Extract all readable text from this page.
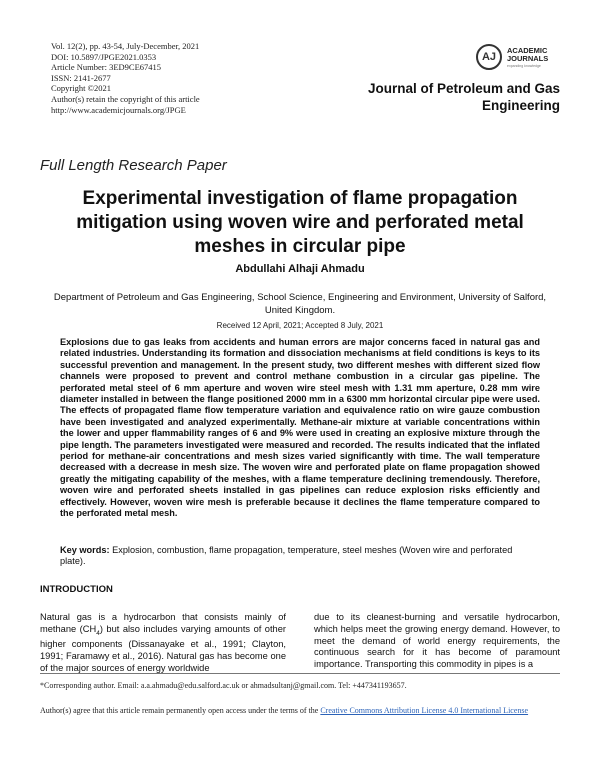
Vol. 12(2), pp. 43-54, July-December, 2021
DOI: 10.5897/JPGE2021.0353
Article Number: 3ED9CE67415
ISSN: 2141-2677
Copyright ©2021
Author(s) retain the copyright of this article
http://www.academicjournals.org/JPGE
AJ
ACADEMIC
JOURNALS
expanding knowledge
Journal of Petroleum and Gas
Engineering
Full Length Research Paper
Experimental investigation of flame propagation
mitigation using woven wire and perforated metal
meshes in circular pipe
Abdullahi Alhaji Ahmadu
Department of Petroleum and Gas Engineering, School Science, Engineering and Environment, University of Salford, United Kingdom.
Received 12 April, 2021; Accepted 8 July, 2021
Explosions due to gas leaks from accidents and human errors are major concerns faced in natural gas and related industries. Understanding its formation and dissociation mechanisms at field conditions is keys to its successful prevention and management. In the present study, two different meshes with different sized flow channels were proposed to prevent and control methane combustion in a circular gas pipeline. The perforated metal steel of 6 mm aperture and woven wire steel mesh with 1.31 mm aperture, 0.28 mm wire diameter installed in between the flange positioned 2000 mm in a 6300 mm horizontal circular pipe were used. The effects of propagated flame flow temperature variation and equivalence ratio on wire gauze combustion have been investigated and analyzed experimentally. Methane-air mixture at variable concentrations within the lower and upper flammability ranges of 6 and 9% were used in creating an explosive mixture through the pipe length. The parameters investigated were measured and recorded. The results indicated that the inflated period for methane-air concentrations and mesh sizes varied significantly with time. The wall temperature decreased with a decrease in mesh size. The woven wire and perforated plate on flame propagation showed greatly the mitigating capability of the meshes, with a flame temperature declining tremendously. Therefore, woven wire and perforated sheets installed in gas pipelines can reduce explosion risks efficiently and effectively. However, woven wire mesh is preferable because it declines the flame temperature compared to the perforated metal mesh.
Key words: Explosion, combustion, flame propagation, temperature, steel meshes (Woven wire and perforated plate).
INTRODUCTION
Natural gas is a hydrocarbon that consists mainly of methane $(CH_4)$ but also includes varying amounts of other higher components (Dissanayake et al., 1991; Clayton, 1991; Faramawy et al., 2016). Natural gas has become one of the major sources of energy worldwide
due to its cleanest-burning and versatile hydrocarbon, which helps meet the growing energy demand. However, to meet the demand of world energy requirements, the continuous search for it has become of paramount importance. Transporting this commodity in pipes is a
*Corresponding author. Email: a.a.ahmadu@edu.salford.ac.uk or ahmadsultanj@gmail.com. Tel: +447341193657.
Author(s) agree that this article remain permanently open access under the terms of the Creative Commons Attribution License 4.0 International License
